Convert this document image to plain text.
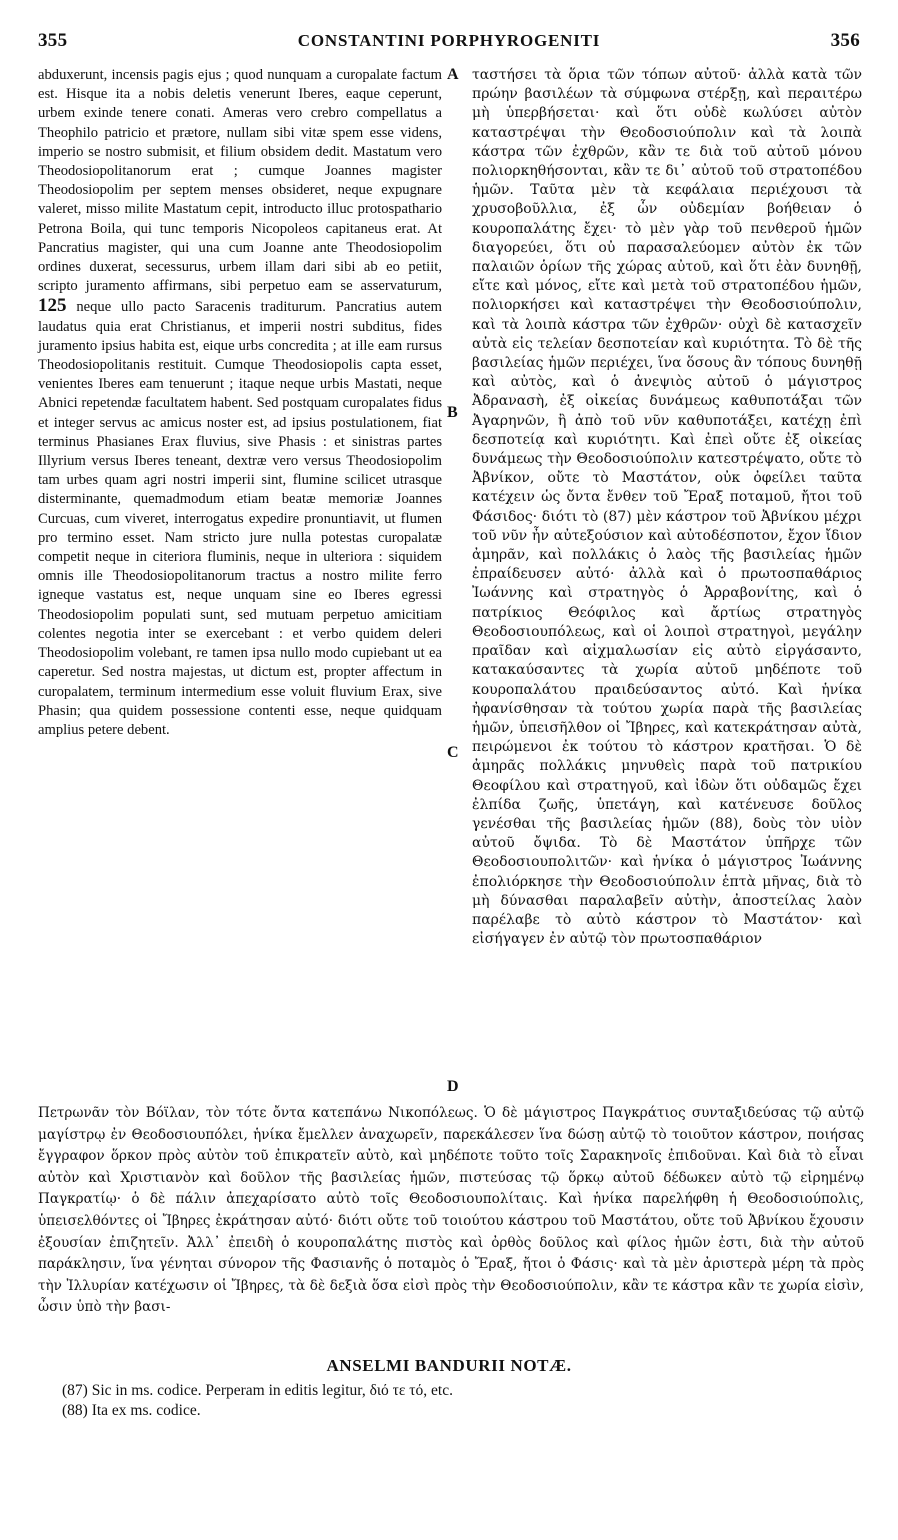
355	CONSTANTINI PORPHYROGENITI	356

abduxerunt, incensis pagis ejus ; quod nunquam a curopalate factum est. Hisque ita a nobis deletis venerunt Iberes, eaque ceperunt, urbem exinde tenere conati. Ameras vero crebro compellatus a Theophilo patricio et prætore, nullam sibi vitæ spem esse videns, imperio se nostro submisit, et filium obsidem dedit. Mastatum vero Theodosiopolitanorum erat ; cumque Joannes magister Theodosiopolim per septem menses obsideret, neque expugnare valeret, misso milite Mastatum cepit, introducto illuc protospathario Petrona Boila, qui tunc temporis Nicopoleos capitaneus erat. At Pancratius magister, qui una cum Joanne ante Theodosiopolim ordines duxerat, secessurus, urbem illam dari sibi ab eo petiit, scripto juramento affirmans, sibi perpetuo eam se asservaturum, 125 neque ullo pacto Saracenis traditurum. Pancratius autem laudatus quia erat Christianus, et imperii nostri subditus, fides juramento ipsius habita est, eique urbs concredita ; at ille eam rursus Theodosiopolitanis restituit. Cumque Theodosiopolis capta esset, venientes Iberes eam tenuerunt ; itaque neque urbis Mastati, neque Abnici repetendæ facultatem habent. Sed postquam curopalates fidus et integer servus ac amicus noster est, ad ipsius postulationem, fiat terminus Phasianes Erax fluvius, sive Phasis : et sinistras partes Illyrium versus Iberes teneant, dextræ vero versus Theodosiopolim tam urbes quam agri nostri imperii sint, flumine scilicet utrasque disterminante, quemadmodum etiam beatæ memoriæ Joannes Curcuas, cum viveret, interrogatus expedire pronuntiavit, ut flumen pro termino esset. Nam stricto jure nulla potestas curopalatæ competit neque in citeriora fluminis, neque in ulteriora : siquidem omnis ille Theodosiopolitanorum tractus a nostro milite ferro igneque vastatus est, neque unquam sine eo Iberes egressi Theodosiopolim populati sunt, sed mutuam perpetuo amicitiam colentes negotia inter se exercebant : et verbo quidem deleri Theodosiopolim volebant, re tamen ipsa nullo modo cupiebant ut ea caperetur. Sed nostra majestas, ut dictum est, propter affectum in curopalatem, terminum intermedium esse voluit fluvium Erax, sive Phasin; qua quidem possessione contenti esse, neque quidquam amplius petere debent.

A
B
C
D

ταστήσει τὰ ὅρια τῶν τόπων αὐτοῦ· ἀλλὰ κατὰ τῶν πρώην βασιλέων τὰ σύμφωνα στέρξῃ, καὶ περαιτέρω μὴ ὑπερβήσεται· καὶ ὅτι οὐδὲ κωλύσει αὐτὸν καταστρέψαι τὴν Θεοδοσιούπολιν καὶ τὰ λοιπὰ κάστρα τῶν ἐχθρῶν, κἂν τε διὰ τοῦ αὐτοῦ μόνου πολιορκηθήσονται, κἂν τε δι᾽ αὐτοῦ τοῦ στρατοπέδου ἡμῶν. Ταῦτα μὲν τὰ κεφάλαια περιέχουσι τὰ χρυσοβοῦλλια, ἐξ ὧν οὐδεμίαν βοήθειαν ὁ κουροπαλάτης ἔχει· τὸ μὲν γὰρ τοῦ πενθεροῦ ἡμῶν διαγορεύει, ὅτι οὐ παρασαλεύομεν αὐτὸν ἐκ τῶν παλαιῶν ὁρίων τῆς χώρας αὐτοῦ, καὶ ὅτι ἐὰν δυνηθῇ, εἴτε καὶ μόνος, εἴτε καὶ μετὰ τοῦ στρατοπέδου ἡμῶν, πολιορκήσει καὶ καταστρέψει τὴν Θεοδοσιούπολιν, καὶ τὰ λοιπὰ κάστρα τῶν ἐχθρῶν· οὐχὶ δὲ κατασχεῖν αὐτὰ εἰς τελείαν δεσποτείαν καὶ κυριότητα. Τὸ δὲ τῆς βασιλείας ἡμῶν περιέχει, ἵνα ὅσους ἂν τόπους δυνηθῇ καὶ αὐτὸς, καὶ ὁ ἀνεψιὸς αὐτοῦ ὁ μάγιστρος Ἀδρανασὴ, ἐξ οἰκείας δυνάμεως καθυποτάξαι τῶν Ἀγαρηνῶν, ἢ ἀπὸ τοῦ νῦν καθυποτάξει, κατέχῃ ἐπὶ δεσποτείᾳ καὶ κυριότητι. Καὶ ἐπεὶ οὔτε ἐξ οἰκείας δυνάμεως τὴν Θεοδοσιούπολιν κατεστρέψατο, οὔτε τὸ Ἀβνίκον, οὔτε τὸ Μαστάτον, οὐκ ὀφείλει ταῦτα κατέχειν ὡς ὄντα ἔνθεν τοῦ Ἔραξ ποταμοῦ, ἤτοι τοῦ Φάσιδος· διότι τὸ (87) μὲν κάστρον τοῦ Ἀβνίκου μέχρι τοῦ νῦν ἦν αὐτεξούσιον καὶ αὐτοδέσποτον, ἔχον ἴδιον ἀμηρᾶν, καὶ πολλάκις ὁ λαὸς τῆς βασιλείας ἡμῶν ἐπραίδευσεν αὐτό· ἀλλὰ καὶ ὁ πρωτοσπαθάριος Ἰωάννης καὶ στρατηγὸς ὁ Ἀρραβονίτης, καὶ ὁ πατρίκιος Θεόφιλος καὶ ἄρτίως στρατηγὸς Θεοδοσιουπόλεως, καὶ οἱ λοιποὶ στρατηγοὶ, μεγάλην πραῖδαν καὶ αἰχμαλωσίαν εἰς αὐτὸ εἰργάσαντο, κατακαύσαντες τὰ χωρία αὐτοῦ μηδέποτε τοῦ κουροπαλάτου πραιδεύσαντος αὐτό. Καὶ ἡνίκα ἠφανίσθησαν τὰ τούτου χωρία παρὰ τῆς βασιλείας ἡμῶν, ὑπεισῆλθον οἱ Ἴβηρες, καὶ κατεκράτησαν αὐτὰ, πειρώμενοι ἐκ τούτου τὸ κάστρον κρατῆσαι. Ὁ δὲ ἀμηρᾶς πολλάκις μηνυθεὶς παρὰ τοῦ πατρικίου Θεοφίλου καὶ στρατηγοῦ, καὶ ἰδὼν ὅτι οὐδαμῶς ἔχει ἐλπίδα ζωῆς, ὑπετάγη, καὶ κατένευσε δοῦλος γενέσθαι τῆς βασιλείας ἡμῶν (88), δοὺς τὸν υἱὸν αὐτοῦ ὄψιδα. Τὸ δὲ Μαστάτον ὑπῆρχε τῶν Θεοδοσιουπολιτῶν· καὶ ἡνίκα ὁ μάγιστρος Ἰωάννης ἐπολιόρκησε τὴν Θεοδοσιούπολιν ἑπτὰ μῆνας, διὰ τὸ μὴ δύνασθαι παραλαβεῖν αὐτὴν, ἀποστείλας λαὸν παρέλαβε τὸ αὐτὸ κάστρον τὸ Μαστάτον· καὶ εἰσήγαγεν ἐν αὐτῷ τὸν πρωτοσπαθάριον

Πετρωνᾶν τὸν Βόϊλαν, τὸν τότε ὄντα κατεπάνω Νικοπόλεως. Ὁ δὲ μάγιστρος Παγκράτιος συνταξιδεύσας τῷ αὐτῷ μαγίστρῳ ἐν Θεοδοσιουπόλει, ἡνίκα ἔμελλεν ἀναχωρεῖν, παρεκάλεσεν ἵνα δώσῃ αὐτῷ τὸ τοιοῦτον κάστρον, ποιήσας ἔγγραφον ὅρκον πρὸς αὐτὸν τοῦ ἐπικρατεῖν αὐτὸ, καὶ μηδέποτε τοῦτο τοῖς Σαρακηνοῖς ἐπιδοῦναι. Καὶ διὰ τὸ εἶναι αὐτὸν καὶ Χριστιανὸν καὶ δοῦλον τῆς βασιλείας ἡμῶν, πιστεύσας τῷ ὅρκῳ αὐτοῦ δέδωκεν αὐτὸ τῷ εἰρημένῳ Παγκρατίῳ· ὁ δὲ πάλιν ἀπεχαρίσατο αὐτὸ τοῖς Θεοδοσιουπολίταις. Καὶ ἡνίκα παρελήφθη ἡ Θεοδοσιούπολις, ὑπεισελθόντες οἱ Ἴβηρες ἐκράτησαν αὐτό· διότι οὔτε τοῦ τοιούτου κάστρου τοῦ Μαστάτου, οὔτε τοῦ Ἀβνίκου ἔχουσιν ἐξουσίαν ἐπιζητεῖν. Ἀλλ᾽ ἐπειδὴ ὁ κουροπαλάτης πιστὸς καὶ ὀρθὸς δοῦλος καὶ φίλος ἡμῶν ἐστι, διὰ τὴν αὐτοῦ παράκλησιν, ἵνα γένηται σύνορον τῆς Φασιανῆς ὁ ποταμὸς ὁ Ἔραξ, ἤτοι ὁ Φάσις· καὶ τὰ μὲν ἀριστερὰ μέρη τὰ πρὸς τὴν Ἰλλυρίαν κατέχωσιν οἱ Ἴβηρες, τὰ δὲ δεξιὰ ὅσα εἰσὶ πρὸς τὴν Θεοδοσιούπολιν, κἂν τε κάστρα κἂν τε χωρία εἰσὶν, ὦσιν ὑπὸ τὴν βασι-

ANSELMI BANDURII NOTÆ.
(87) Sic in ms. codice. Perperam in editis legitur, διό τε τό, etc.
(88) Ita ex ms. codice.
